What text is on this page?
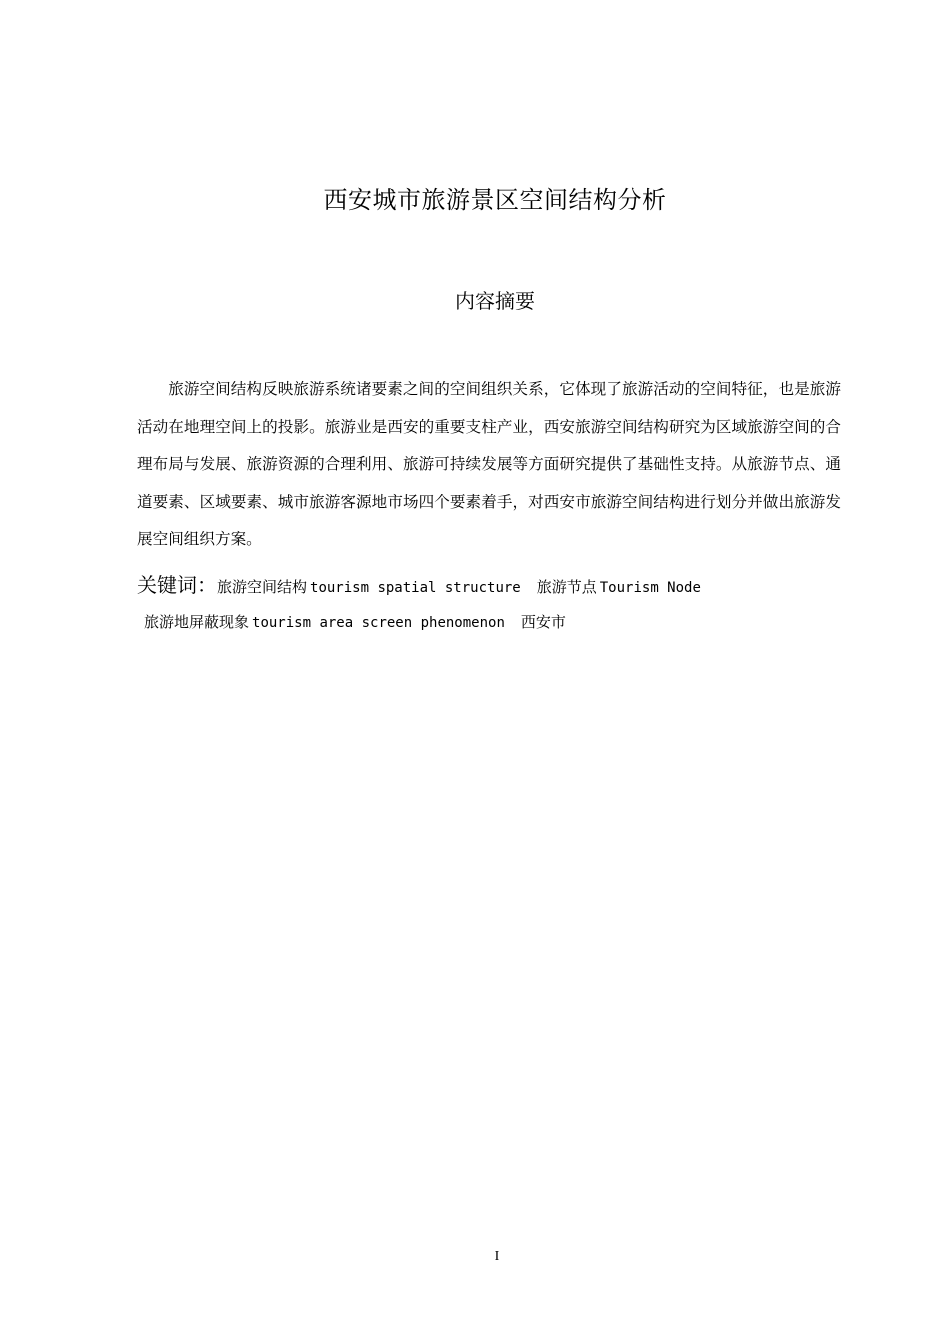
西安城市旅游景区空间结构分析
内容摘要

旅游空间结构反映旅游系统诸要素之间的空间组织关系，它体现了旅游活动的空间特征，也是旅游活动在地理空间上的投影。旅游业是西安的重要支柱产业，西安旅游空间结构研究为区域旅游空间的合理布局与发展、旅游资源的合理利用、旅游可持续发展等方面研究提供了基础性支持。从旅游节点、通道要素、区域要素、城市旅游客源地市场四个要素着手，对西安市旅游空间结构进行划分并做出旅游发展空间组织方案。

关键词：旅游空间结构 tourism spatial structure 旅游节点 Tourism Node
旅游地屏蔽现象 tourism area screen phenomenon 西安市
I
